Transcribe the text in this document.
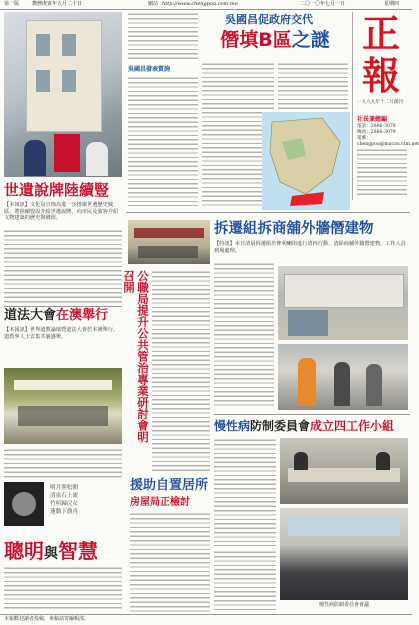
第一版	農曆庚寅年五月二十日	網站 http://www.chengpou.com.mo	二〇一〇年七月一日	星期四
世遺說牌陸續豎
【本報訊】文化局宣佈為進一步推廣世遺歷史城區，將陸續豎設介紹世遺說牌，向市民及旅客介紹文物建築的歷史與價值。
道法大會在澳舉行
【本報訊】世界道教論壇暨道法大會於本澳舉行，道教界人士雲集共襄盛舉。
明月照松間
清泉石上流
竹喧歸浣女
蓮動下漁舟
聰明與智慧
吳國昌促政府交代
僭填B區之謎
吳國昌發表質詢
正
報
一九九九年十二月創刊
社長兼總編
電話：2886-3078
傳真：2886-3079
電郵：chengpou@macau.ctm.net
公職局提升公共管治專業研討會明召開
拆遷組拆商舖外牆僭建物
【特訊】本日清晨拆遷組於俾利喇街進行清拆行動，清除商舖外牆僭建物，工作人員到場處理。
慢性病防制委員會成立四工作小組
慢性病防制委員會會議
援助自置居所
房屋局正檢討
本報歡迎讀者投稿，來稿請寄編輯部。
